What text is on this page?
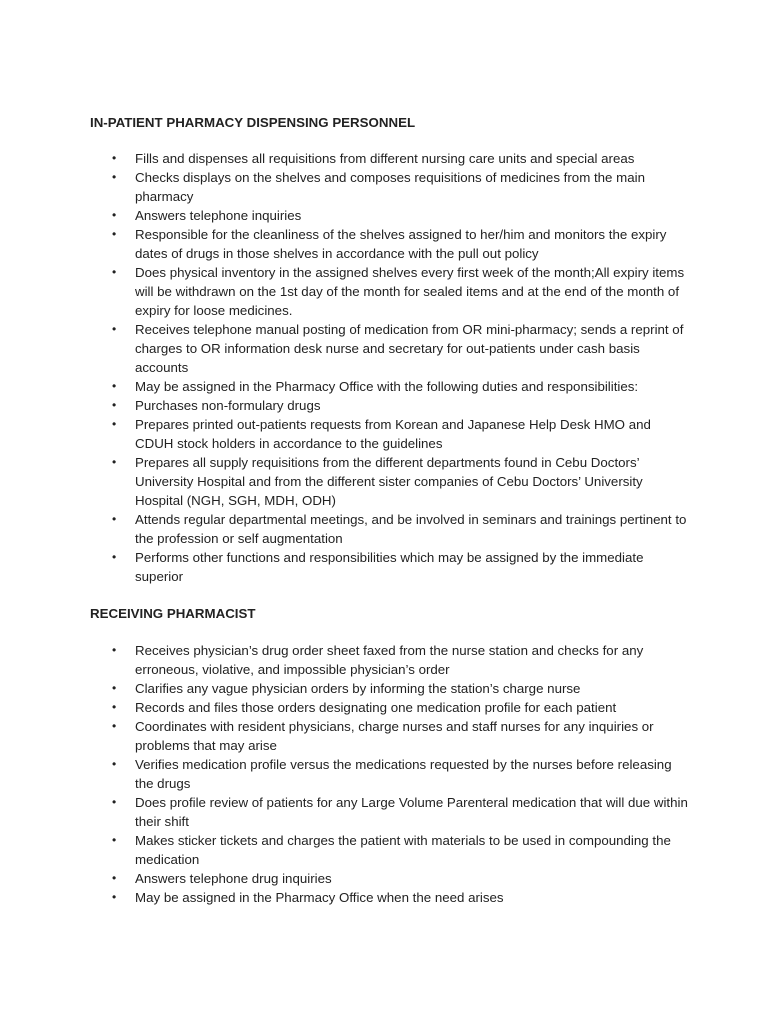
IN-PATIENT PHARMACY DISPENSING PERSONNEL

• Fills and dispenses all requisitions from different nursing care units and special areas
• Checks displays on the shelves and composes requisitions of medicines from the main pharmacy
• Answers telephone inquiries
• Responsible for the cleanliness of the shelves assigned to her/him and monitors the expiry dates of drugs in those shelves in accordance with the pull out policy
• Does physical inventory in the assigned shelves every first week of the month;All expiry items will be withdrawn on the 1st day of the month for sealed items and at the end of the month of expiry for loose medicines.
• Receives telephone manual posting of medication from OR mini-pharmacy; sends a reprint of charges to OR information desk nurse and secretary for out-patients under cash basis accounts
• May be assigned in the Pharmacy Office with the following duties and responsibilities:
• Purchases non-formulary drugs
• Prepares printed out-patients requests from Korean and Japanese Help Desk HMO and CDUH stock holders in accordance to the guidelines
• Prepares all supply requisitions from the different departments found in Cebu Doctors’ University Hospital and from the different sister companies of Cebu Doctors’ University Hospital (NGH, SGH, MDH, ODH)
• Attends regular departmental meetings, and be involved in seminars and trainings pertinent to the profession or self augmentation
• Performs other functions and responsibilities which may be assigned by the immediate superior

RECEIVING PHARMACIST

• Receives physician’s drug order sheet faxed from the nurse station and checks for any erroneous, violative, and impossible physician’s order
• Clarifies any vague physician orders by informing the station’s charge nurse
• Records and files those orders designating one medication profile for each patient
• Coordinates with resident physicians, charge nurses and staff nurses for any inquiries or problems that may arise
• Verifies medication profile versus the medications requested by the nurses before releasing the drugs
• Does profile review of patients for any Large Volume Parenteral medication that will due within their shift
• Makes sticker tickets and charges the patient with materials to be used in compounding the medication
• Answers telephone drug inquiries
• May be assigned in the Pharmacy Office when the need arises
